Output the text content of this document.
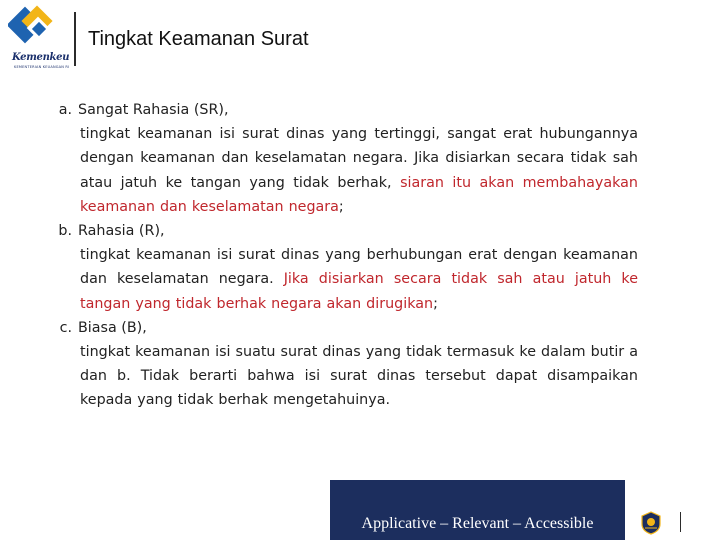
Kemenkeu
KEMENTERIAN KEUANGAN RI
Tingkat Keamanan Surat
a. Sangat Rahasia (SR),
tingkat keamanan isi surat dinas yang tertinggi, sangat erat hubungannya dengan keamanan dan keselamatan negara. Jika disiarkan secara tidak sah atau jatuh ke tangan yang tidak berhak, siaran itu akan membahayakan keamanan dan keselamatan negara;
b. Rahasia (R),
tingkat keamanan isi surat dinas yang berhubungan erat dengan keamanan dan keselamatan negara. Jika disiarkan secara tidak sah atau jatuh ke tangan yang tidak berhak negara akan dirugikan;
c. Biasa (B),
tingkat keamanan isi suatu surat dinas yang tidak termasuk ke dalam butir a dan b. Tidak berarti bahwa isi surat dinas tersebut dapat disampaikan kepada yang tidak berhak mengetahuinya.
Applicative – Relevant – Accessible
